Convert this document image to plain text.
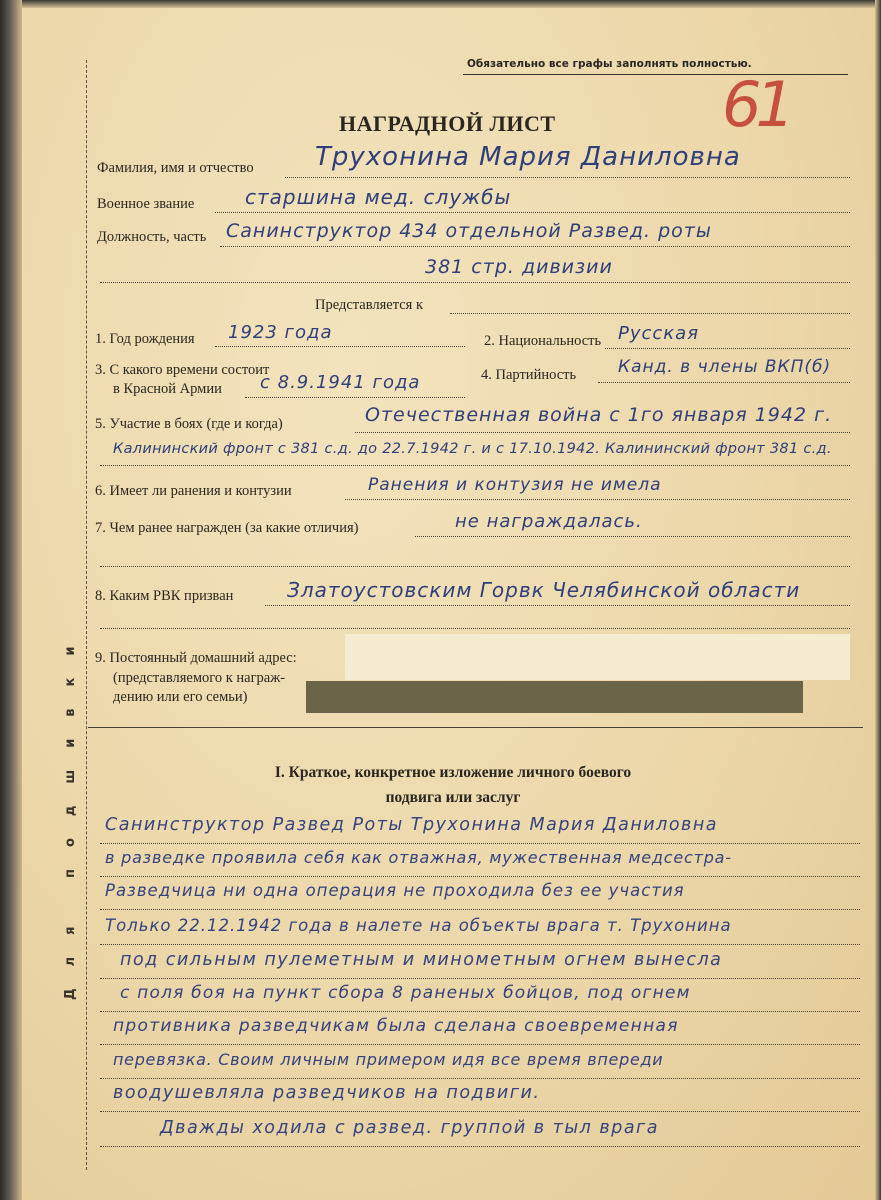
Для подшивки
Обязательно все графы заполнять полностью.
61
НАГРАДНОЙ ЛИСТ
Фамилия, имя и отчество Трухонина Мария Даниловна
Военное звание	старшина мед. службы
Должность, часть Санинструктор 434 отдельной Развед. роты
381 стр. дивизии
Представляется к
1. Год рождения 1923 года	2. Национальность Русская
3. С какого времени состоит
в Красной Армии с 8.9.1941 года	4. Партийность Канд. в члены ВКП(б)
5. Участие в боях (где и когда)	Отечественная война с 1го января 1942 г.
Калининский фронт с 381 с.д. до 22.7.1942 г. и с 17.10.1942. Калининский фронт 381 с.д.
6. Имеет ли ранения и контузии	Ранения и контузия не имела
7. Чем ранее награжден (за какие отличия)	не награждалась.
8. Каким РВК призван	Златоустовским Горвк Челябинской области
9. Постоянный домашний адрес:
(представляемого к награж-
дению или его семьи)
I. Краткое, конкретное изложение личного боевого
подвига или заслуг
Санинструктор Развед Роты Трухонина Мария Даниловна
в разведке проявила себя как отважная, мужественная медсестра-
Разведчица ни одна операция не проходила без ее участия
Только 22.12.1942 года в налете на объекты врага т. Трухонина
под сильным пулеметным и минометным огнем вынесла
с поля боя на пункт сбора 8 раненых бойцов, под огнем
противника разведчикам была сделана своевременная
перевязка. Своим личным примером идя все время впереди
воодушевляла разведчиков на подвиги.
Дважды ходила с развед. группой в тыл врага
